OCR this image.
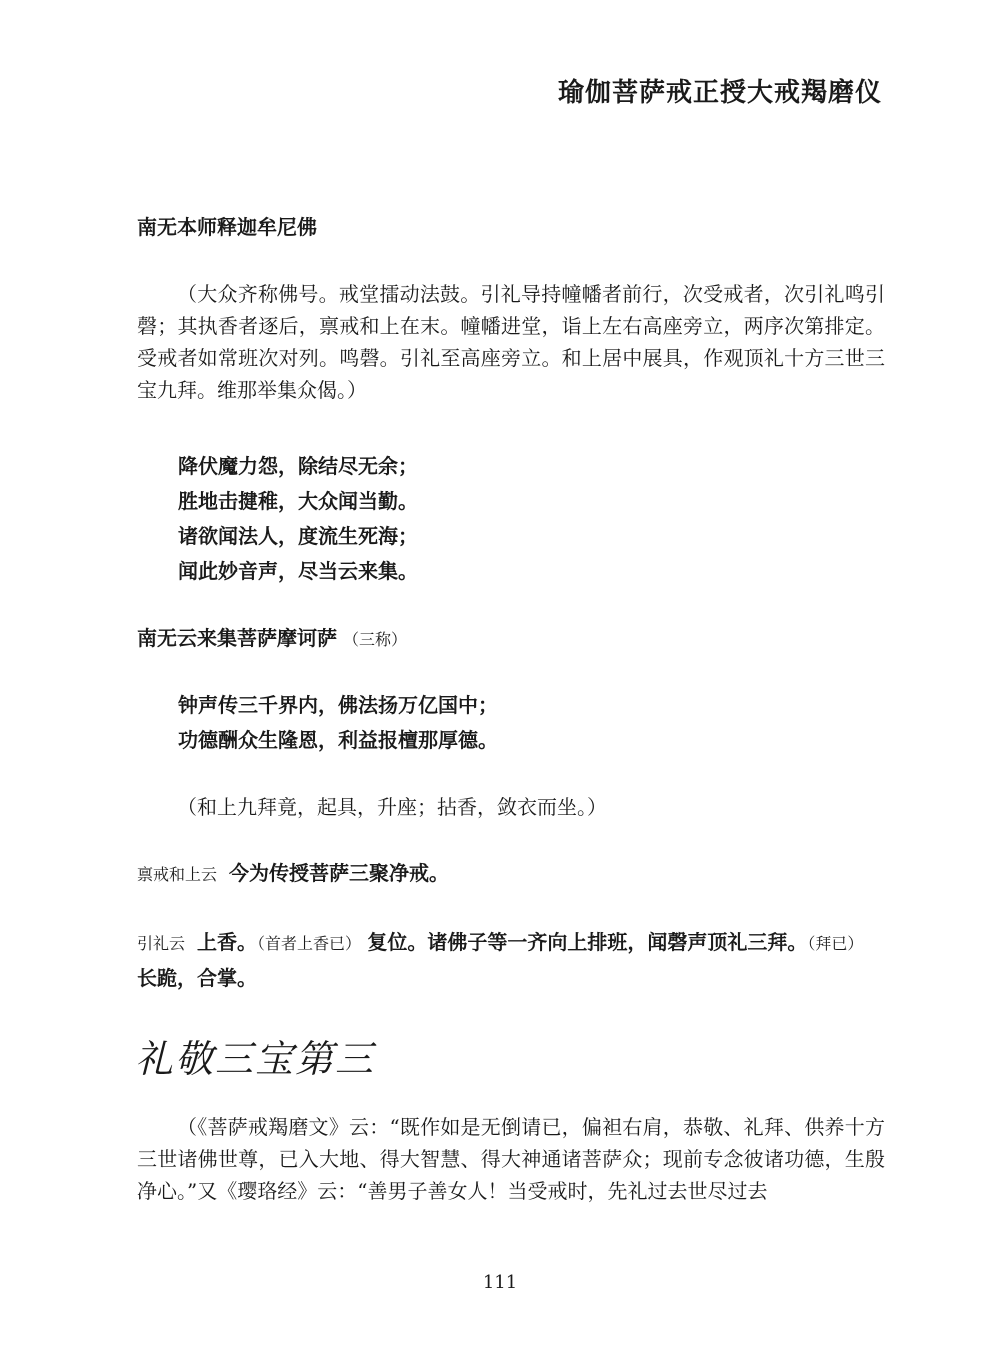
瑜伽菩萨戒正授大戒羯磨仪
南无本师释迦牟尼佛
（大众齐称佛号。戒堂擂动法鼓。引礼导持幢幡者前行，次受戒者，次引礼鸣引磬；其执香者逐后，禀戒和上在末。幢幡进堂，诣上左右高座旁立，两序次第排定。受戒者如常班次对列。鸣磬。引礼至高座旁立。和上居中展具，作观顶礼十方三世三宝九拜。维那举集众偈。）
降伏魔力怨，除结尽无余；
胜地击揵稚，大众闻当勤。
诸欲闻法人，度流生死海；
闻此妙音声，尽当云来集。
南无云来集菩萨摩诃萨 （三称）
钟声传三千界内，佛法扬万亿国中；
功德酬众生隆恩，利益报檀那厚德。
（和上九拜竟，起具，升座；拈香，敛衣而坐。）
禀戒和上云 今为传授菩萨三聚净戒。
引礼云 上香。（首者上香已） 复位。诸佛子等一齐向上排班，闻磬声顶礼三拜。（拜已） 长跪，合掌。
礼敬三宝第三
（《菩萨戒羯磨文》云：“既作如是无倒请已，偏袒右肩，恭敬、礼拜、供养十方三世诸佛世尊，已入大地、得大智慧、得大神通诸菩萨众；现前专念彼诸功德，生殷净心。”又《璎珞经》云：“善男子善女人！当受戒时，先礼过去世尽过去
111
